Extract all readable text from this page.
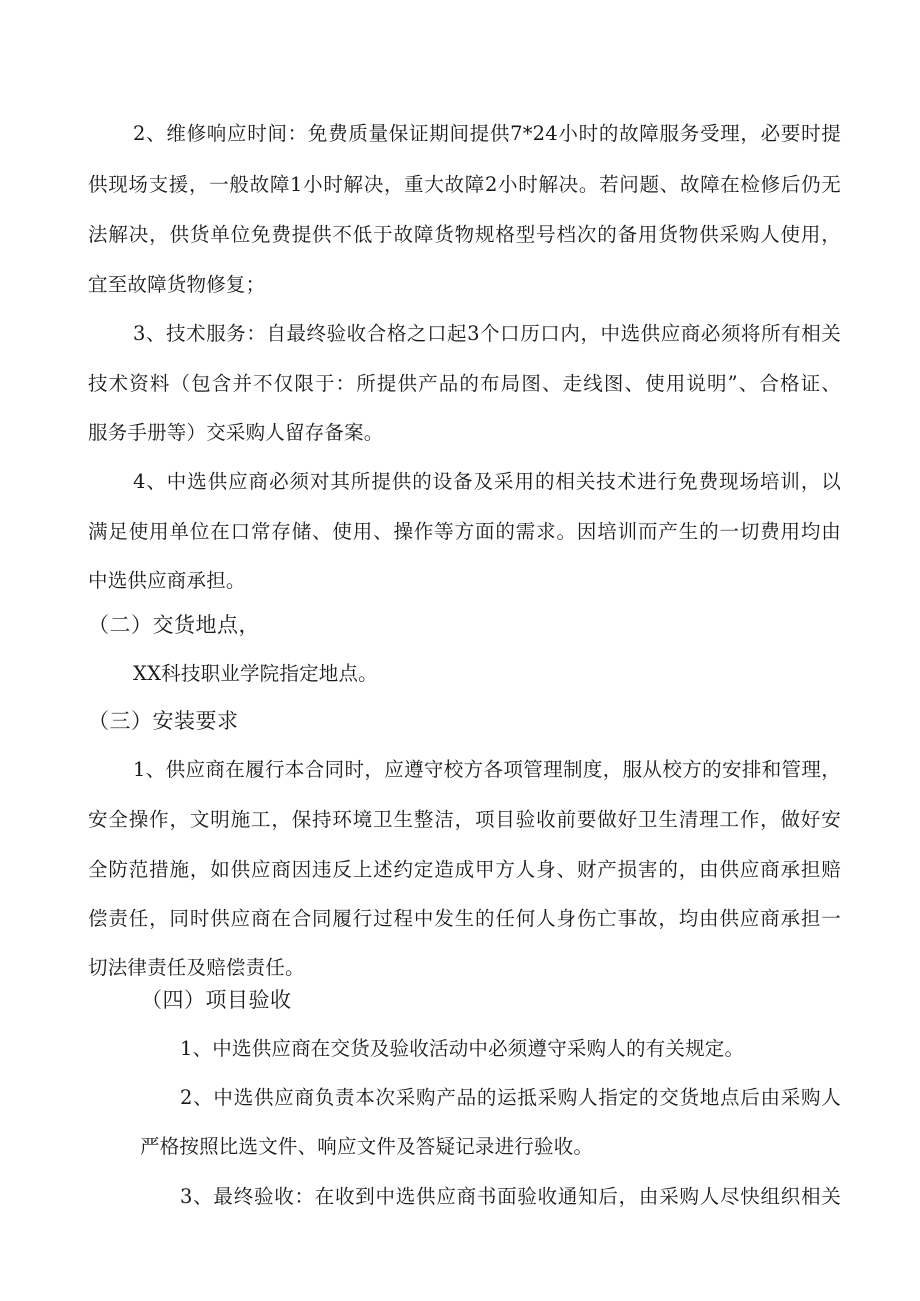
2、维修响应时间：免费质量保证期间提供7*24小时的故障服务受理，必要时提
供现场支援，一般故障1小时解决，重大故障2小时解决。若问题、故障在检修后仍无
法解决，供货单位免费提供不低于故障货物规格型号档次的备用货物供采购人使用，
宜至故障货物修复；
3、技术服务：自最终验收合格之口起3个口历口内，中选供应商必须将所有相关
技术资料（包含并不仅限于：所提供产品的布局图、走线图、使用说明”、合格证、
服务手册等）交采购人留存备案。
4、中选供应商必须对其所提供的设备及采用的相关技术进行免费现场培训，以
满足使用单位在口常存储、使用、操作等方面的需求。因培训而产生的一切费用均由
中选供应商承担。
（二）交货地点，
XX科技职业学院指定地点。
（三）安装要求
1、供应商在履行本合同时，应遵守校方各项管理制度，服从校方的安排和管理，
安全操作，文明施工，保持环境卫生整洁，项目验收前要做好卫生清理工作，做好安
全防范措施，如供应商因违反上述约定造成甲方人身、财产损害的，由供应商承担赔
偿责任，同时供应商在合同履行过程中发生的任何人身伤亡事故，均由供应商承担一
切法律责任及赔偿责任。
（四）项目验收
1、中选供应商在交货及验收活动中必须遵守采购人的有关规定。
2、中选供应商负责本次采购产品的运抵采购人指定的交货地点后由采购人
严格按照比选文件、响应文件及答疑记录进行验收。
3、最终验收：在收到中选供应商书面验收通知后，由采购人尽快组织相关
